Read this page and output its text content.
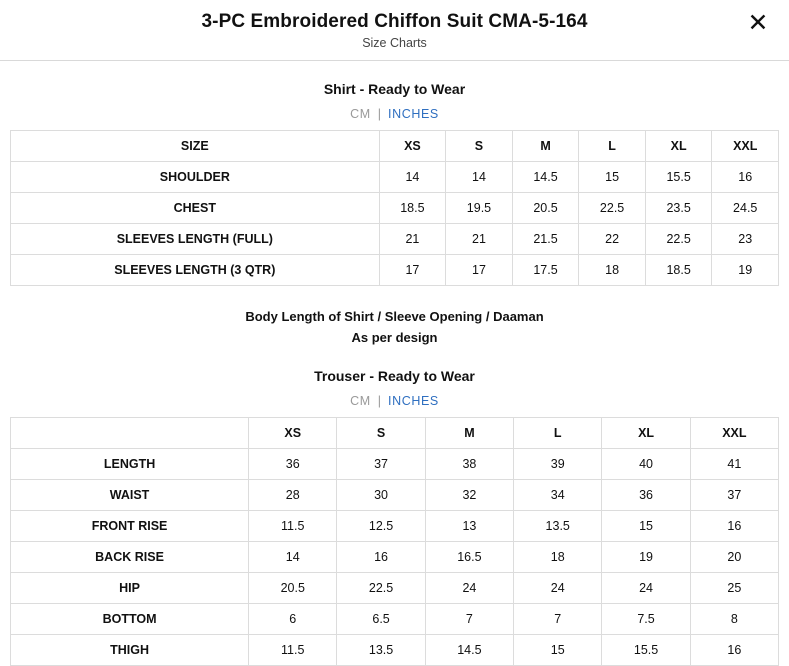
3-PC Embroidered Chiffon Suit CMA-5-164
Size Charts
✕
Shirt - Ready to Wear
CM | INCHES
SIZE	XS	S	M	L	XL	XXL
SHOULDER	14	14	14.5	15	15.5	16
CHEST	18.5	19.5	20.5	22.5	23.5	24.5
SLEEVES LENGTH (FULL)	21	21	21.5	22	22.5	23
SLEEVES LENGTH (3 QTR)	17	17	17.5	18	18.5	19
Body Length of Shirt / Sleeve Opening / Daaman
As per design
Trouser - Ready to Wear
CM | INCHES
	XS	S	M	L	XL	XXL
LENGTH	36	37	38	39	40	41
WAIST	28	30	32	34	36	37
FRONT RISE	11.5	12.5	13	13.5	15	16
BACK RISE	14	16	16.5	18	19	20
HIP	20.5	22.5	24	24	24	25
BOTTOM	6	6.5	7	7	7.5	8
THIGH	11.5	13.5	14.5	15	15.5	16
